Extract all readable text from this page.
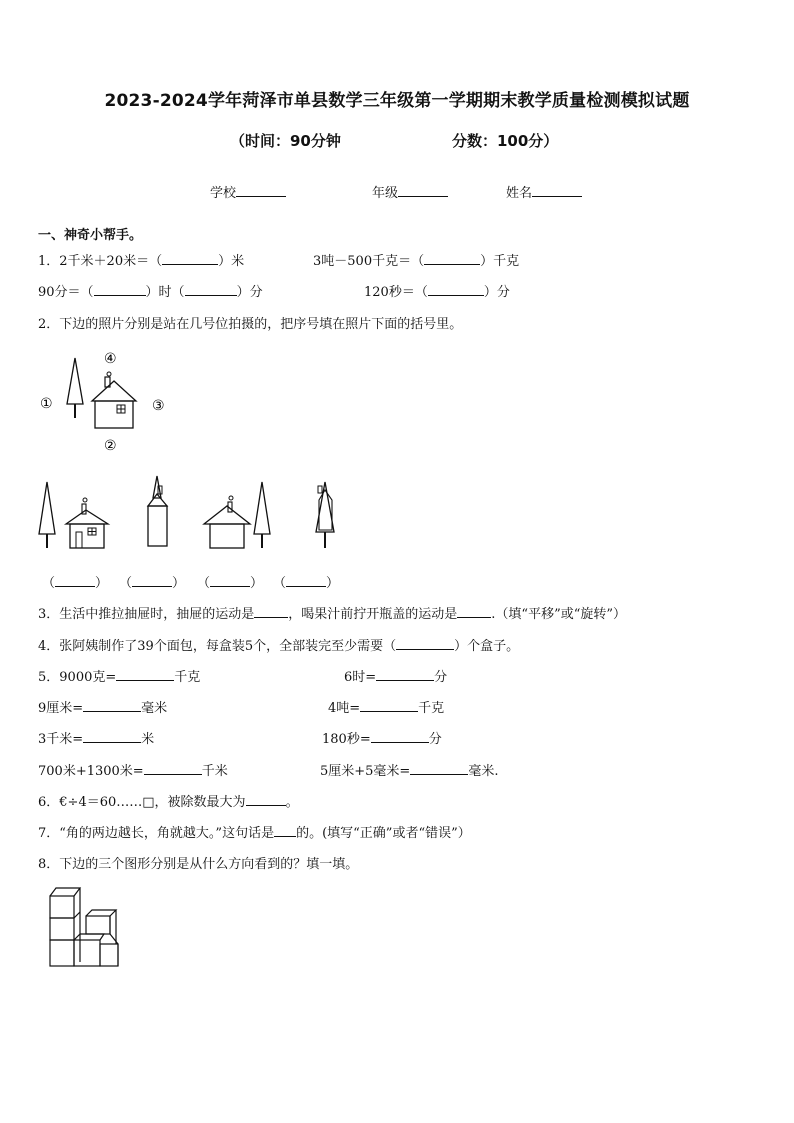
2023-2024学年菏泽市单县数学三年级第一学期期末教学质量检测模拟试题
（时间：90分钟	分数：100分）
学校	年级	姓名
一、神奇小帮手。
1．2千米＋20米＝（	）米	3吨－500千克＝（	）千克
90分＝（	）时（	）分	120秒＝（	）分
2．下边的照片分别是站在几号位拍摄的，把序号填在照片下面的括号里。
④
①	③
②
（	） （	） （	） （	）
3．生活中推拉抽屉时，抽屉的运动是	，喝果汁前拧开瓶盖的运动是	.（填“平移”或“旋转”）
4．张阿姨制作了39个面包，每盒装5个，全部装完至少需要（	）个盒子。
5．9000克=	千克	6时=	分
9厘米=	毫米	4吨=	千克
3千米=	米	180秒=	分
700米+1300米=	千米	5厘米+5毫米=	毫米.
6．€÷4＝60……□，被除数最大为	。
7．“角的两边越长，角就越大。”这句话是 的。(填写“正确”或者“错误”）
8．下边的三个图形分别是从什么方向看到的？填一填。
